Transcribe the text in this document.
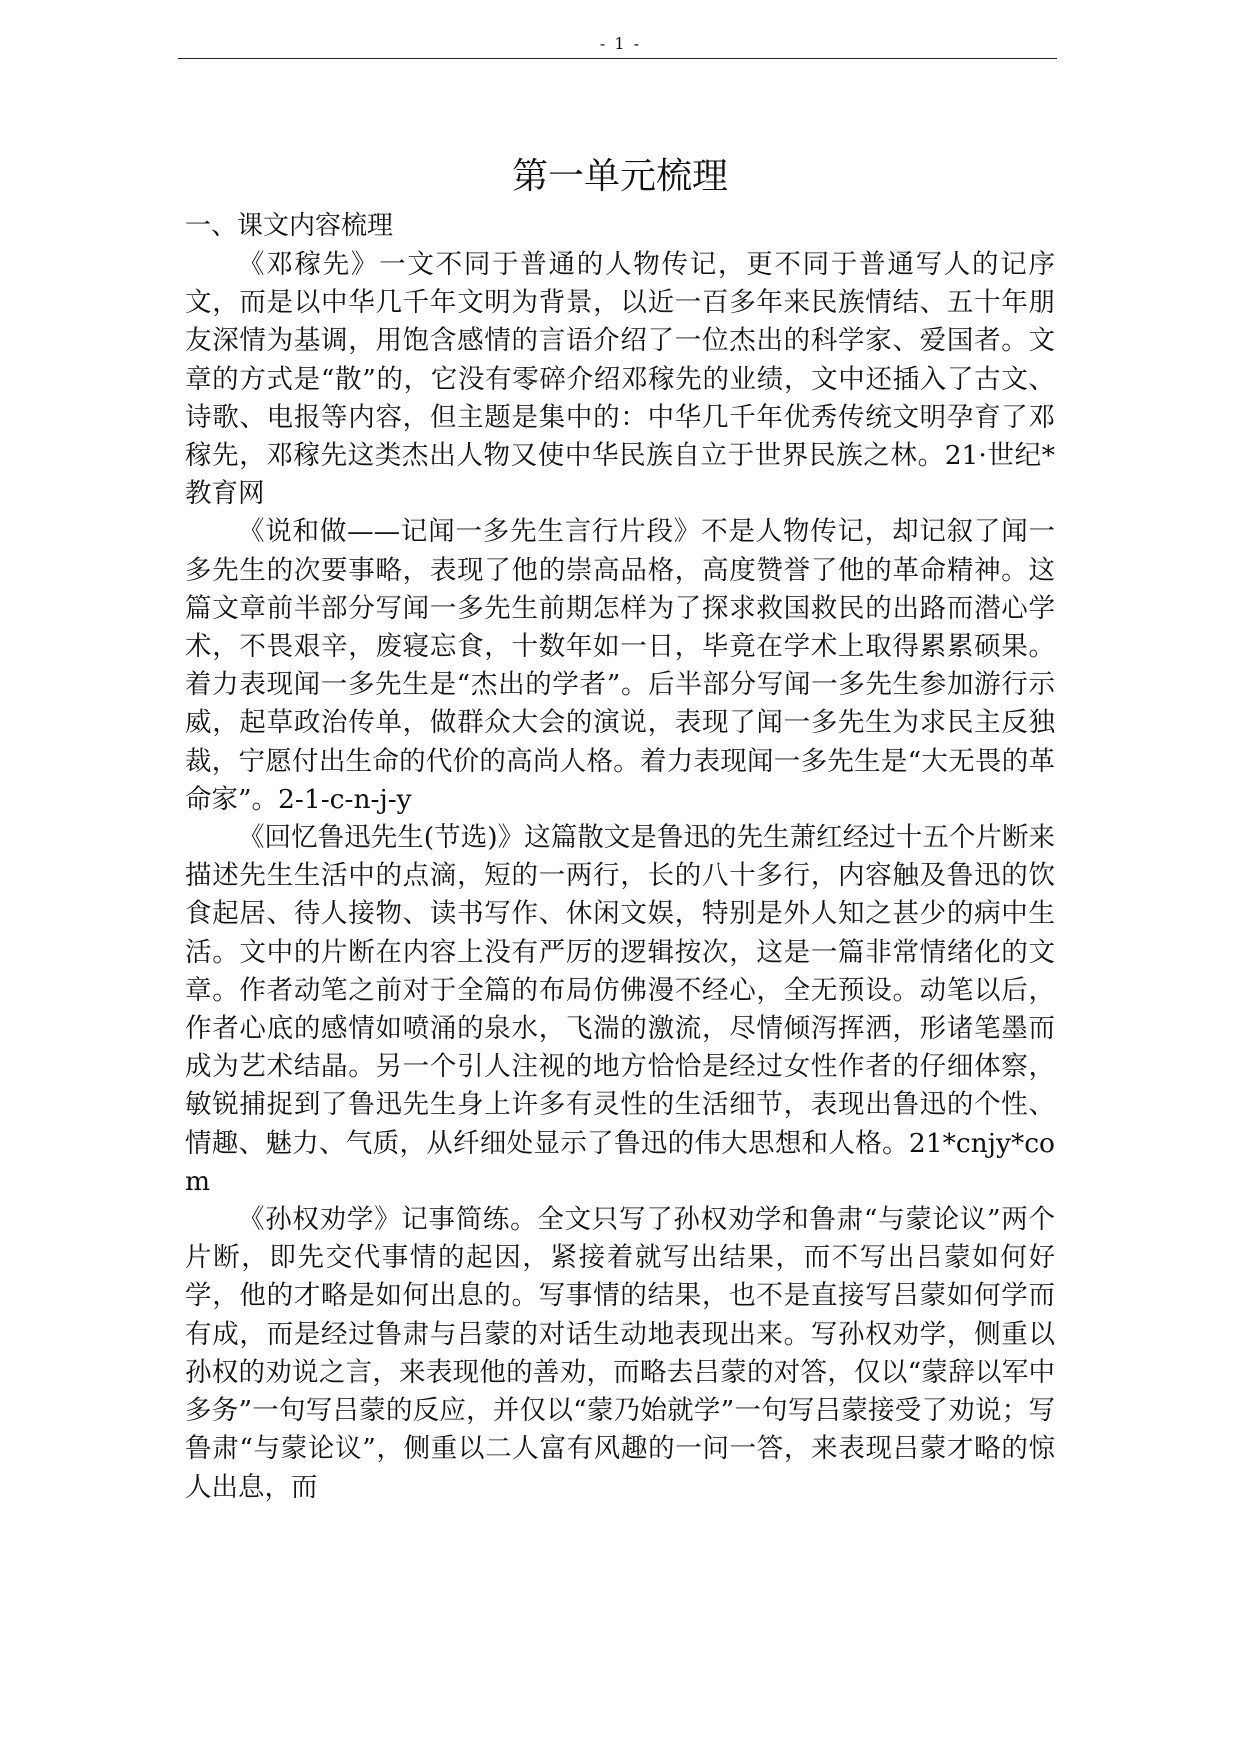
- 1 -
第一单元梳理
一、课文内容梳理

《邓稼先》一文不同于普通的人物传记，更不同于普通写人的记序文，而是以中华几千年文明为背景，以近一百多年来民族情结、五十年朋友深情为基调，用饱含感情的言语介绍了一位杰出的科学家、爱国者。文章的方式是“散”的，它没有零碎介绍邓稼先的业绩，文中还插入了古文、诗歌、电报等内容，但主题是集中的：中华几千年优秀传统文明孕育了邓稼先，邓稼先这类杰出人物又使中华民族自立于世界民族之林。21·世纪*教育网

《说和做——记闻一多先生言行片段》不是人物传记，却记叙了闻一多先生的次要事略，表现了他的崇高品格，高度赞誉了他的革命精神。这篇文章前半部分写闻一多先生前期怎样为了探求救国救民的出路而潜心学术，不畏艰辛，废寝忘食，十数年如一日，毕竟在学术上取得累累硕果。着力表现闻一多先生是“杰出的学者”。后半部分写闻一多先生参加游行示威，起草政治传单，做群众大会的演说，表现了闻一多先生为求民主反独裁，宁愿付出生命的代价的高尚人格。着力表现闻一多先生是“大无畏的革命家”。2-1-c-n-j-y

《回忆鲁迅先生(节选)》这篇散文是鲁迅的先生萧红经过十五个片断来描述先生生活中的点滴，短的一两行，长的八十多行，内容触及鲁迅的饮食起居、待人接物、读书写作、休闲文娱，特别是外人知之甚少的病中生活。文中的片断在内容上没有严厉的逻辑按次，这是一篇非常情绪化的文章。作者动笔之前对于全篇的布局仿佛漫不经心，全无预设。动笔以后，作者心底的感情如喷涌的泉水，飞湍的激流，尽情倾泻挥洒，形诸笔墨而成为艺术结晶。另一个引人注视的地方恰恰是经过女性作者的仔细体察，敏锐捕捉到了鲁迅先生身上许多有灵性的生活细节，表现出鲁迅的个性、情趣、魅力、气质，从纤细处显示了鲁迅的伟大思想和人格。21*cnjy*com

《孙权劝学》记事简练。全文只写了孙权劝学和鲁肃“与蒙论议”两个片断，即先交代事情的起因，紧接着就写出结果，而不写出吕蒙如何好学，他的才略是如何出息的。写事情的结果，也不是直接写吕蒙如何学而有成，而是经过鲁肃与吕蒙的对话生动地表现出来。写孙权劝学，侧重以孙权的劝说之言，来表现他的善劝，而略去吕蒙的对答，仅以“蒙辞以军中多务”一句写吕蒙的反应，并仅以“蒙乃始就学”一句写吕蒙接受了劝说；写鲁肃“与蒙论议”，侧重以二人富有风趣的一问一答，来表现吕蒙才略的惊人出息，而
